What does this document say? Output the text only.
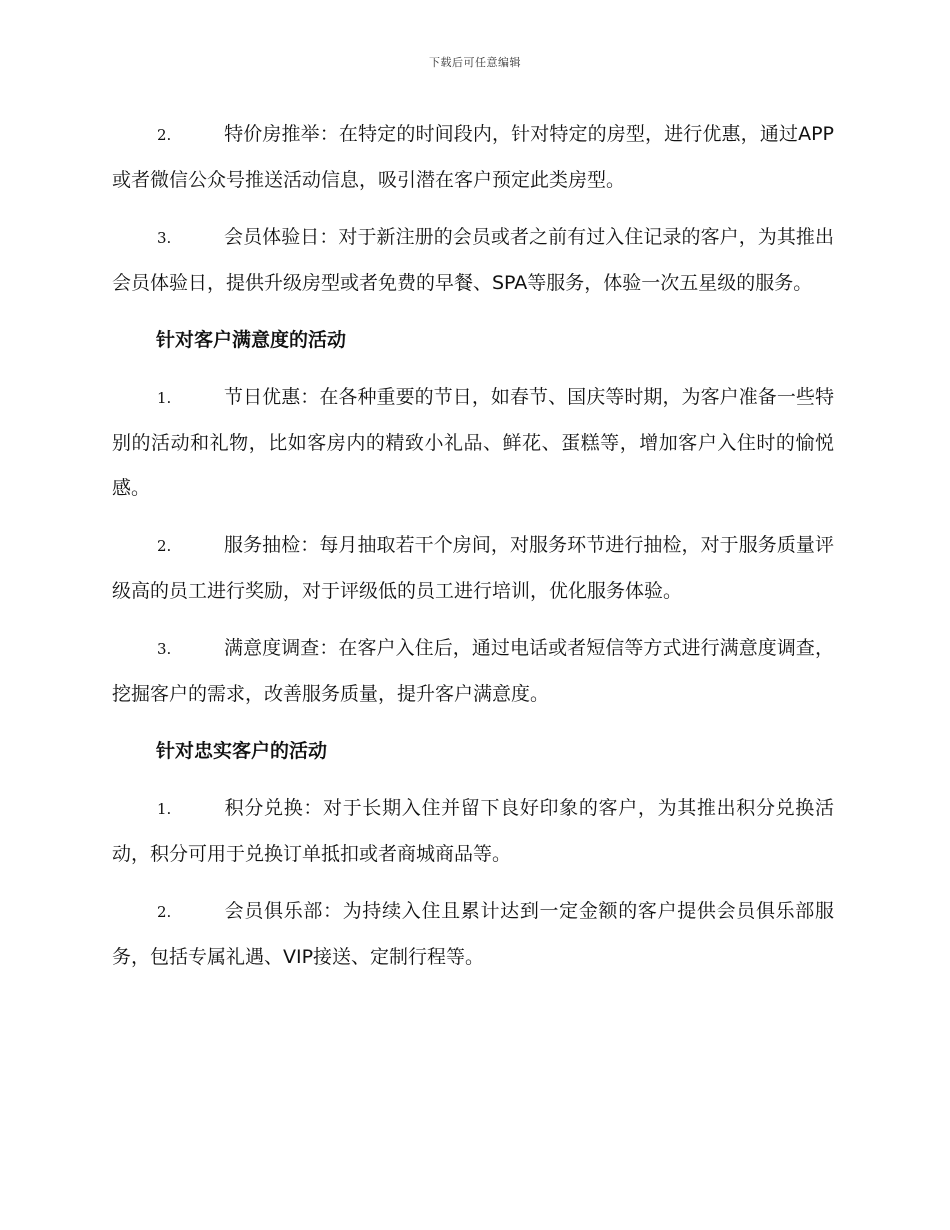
下载后可任意编辑

2.	特价房推举：在特定的时间段内，针对特定的房型，进行优惠，通过APP或者微信公众号推送活动信息，吸引潜在客户预定此类房型。

3.	会员体验日：对于新注册的会员或者之前有过入住记录的客户，为其推出会员体验日，提供升级房型或者免费的早餐、SPA等服务，体验一次五星级的服务。

针对客户满意度的活动

1.	节日优惠：在各种重要的节日，如春节、国庆等时期，为客户准备一些特别的活动和礼物，比如客房内的精致小礼品、鲜花、蛋糕等，增加客户入住时的愉悦感。

2.	服务抽检：每月抽取若干个房间，对服务环节进行抽检，对于服务质量评级高的员工进行奖励，对于评级低的员工进行培训，优化服务体验。

3.	满意度调查：在客户入住后，通过电话或者短信等方式进行满意度调查，挖掘客户的需求，改善服务质量，提升客户满意度。

针对忠实客户的活动

1.	积分兑换：对于长期入住并留下良好印象的客户，为其推出积分兑换活动，积分可用于兑换订单抵扣或者商城商品等。

2.	会员俱乐部：为持续入住且累计达到一定金额的客户提供会员俱乐部服务，包括专属礼遇、VIP接送、定制行程等。
